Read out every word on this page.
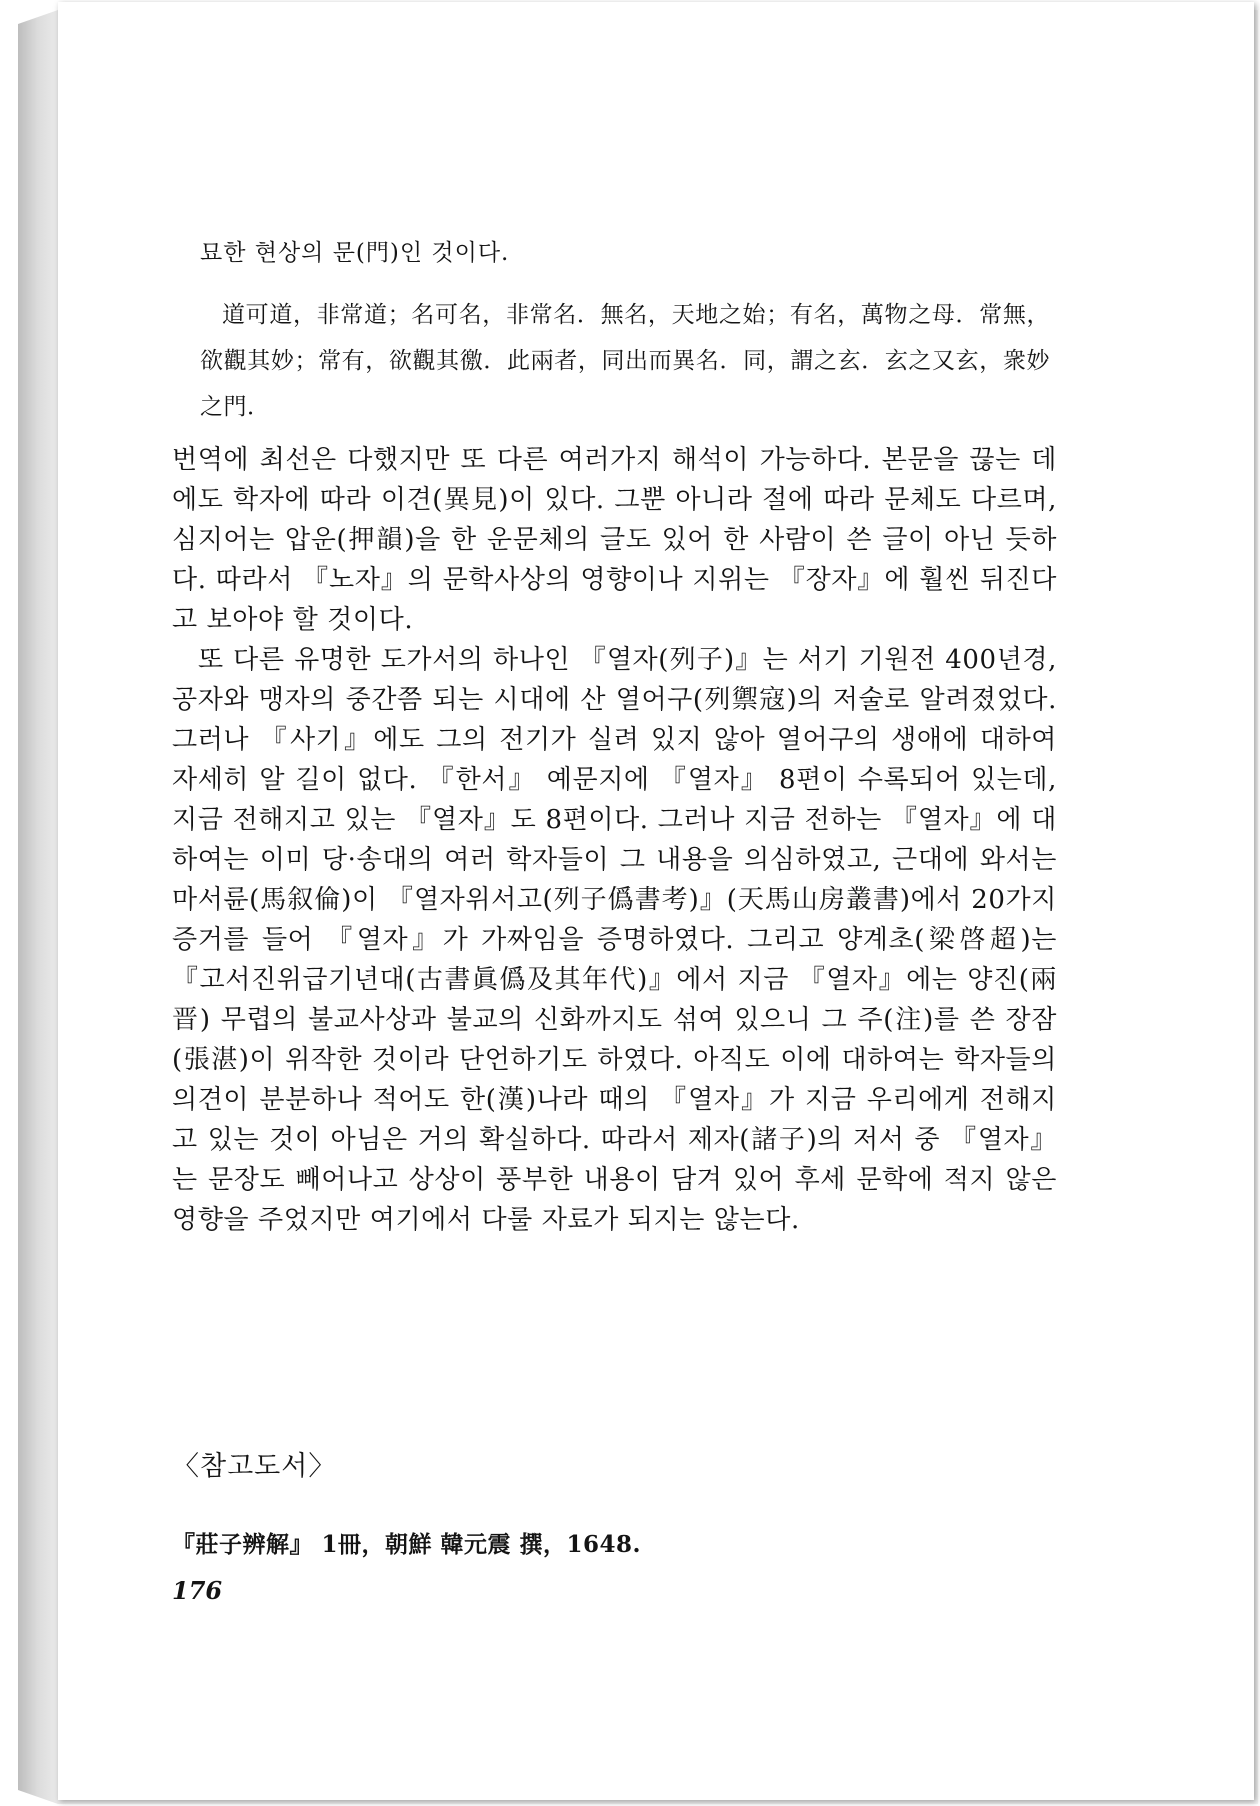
묘한 현상의 문(門)인 것이다.
道可道，非常道；名可名，非常名．無名，天地之始；有名，萬物之母．常無，欲觀其妙；常有，欲觀其徼．此兩者，同出而異名．同，謂之玄．玄之又玄，衆妙之門．

번역에 최선은 다했지만 또 다른 여러가지 해석이 가능하다. 본문을 끊는 데에도 학자에 따라 이견(異見)이 있다. 그뿐 아니라 절에 따라 문체도 다르며, 심지어는 압운(押韻)을 한 운문체의 글도 있어 한 사람이 쓴 글이 아닌 듯하다. 따라서 『노자』의 문학사상의 영향이나 지위는 『장자』에 훨씬 뒤진다고 보아야 할 것이다.

또 다른 유명한 도가서의 하나인 『열자(列子)』는 서기 기원전 400년경, 공자와 맹자의 중간쯤 되는 시대에 산 열어구(列禦寇)의 저술로 알려졌었다. 그러나 『사기』에도 그의 전기가 실려 있지 않아 열어구의 생애에 대하여 자세히 알 길이 없다. 『한서』 예문지에 『열자』 8편이 수록되어 있는데, 지금 전해지고 있는 『열자』도 8편이다. 그러나 지금 전하는 『열자』에 대하여는 이미 당·송대의 여러 학자들이 그 내용을 의심하였고, 근대에 와서는 마서륜(馬叙倫)이 『열자위서고(列子僞書考)』(天馬山房叢書)에서 20가지 증거를 들어 『열자』가 가짜임을 증명하였다. 그리고 양계초(梁啓超)는 『고서진위급기년대(古書眞僞及其年代)』에서 지금 『열자』에는 양진(兩晋) 무렵의 불교사상과 불교의 신화까지도 섞여 있으니 그 주(注)를 쓴 장잠(張湛)이 위작한 것이라 단언하기도 하였다. 아직도 이에 대하여는 학자들의 의견이 분분하나 적어도 한(漢)나라 때의 『열자』가 지금 우리에게 전해지고 있는 것이 아님은 거의 확실하다. 따라서 제자(諸子)의 저서 중 『열자』는 문장도 빼어나고 상상이 풍부한 내용이 담겨 있어 후세 문학에 적지 않은 영향을 주었지만 여기에서 다룰 자료가 되지는 않는다.

〈참고도서〉
『莊子辨解』 1冊，朝鮮 韓元震 撰，1648.
176
